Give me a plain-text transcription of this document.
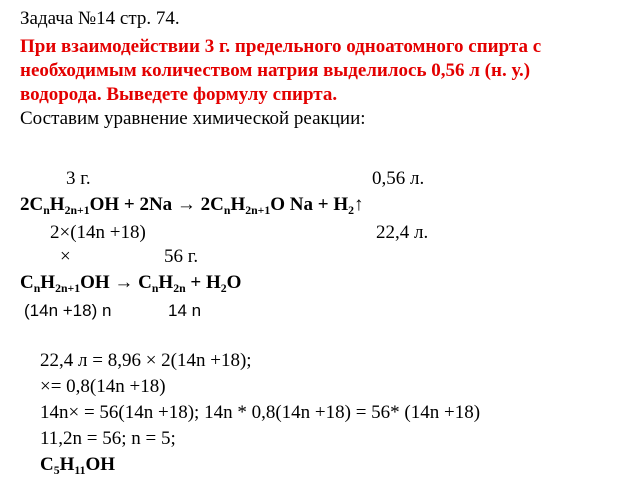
Задача №14 стр. 74.
При взаимодействии 3 г. предельного одноатомного спирта с
необходимым количеством натрия выделилось 0,56 л (н. у.)
водорода. Выведете формулу спирта.
Составим уравнение химической реакции:
3 г.	0,56 л.
$2C_nH_{2n+1}OH + 2Na \to 2C_nH_{2n+1}O$ $Na + H_2↑$
2×(14n +18)	22,4 л.
×	56 г.
$C_nH_{2n+1}OH \to C_nH_{2n} + H_2O$
(14n +18) n	14 n
22,4 л = 8,96 × 2(14n +18);
×= 0,8(14n +18)
14n× = 56(14n +18); 14n * 0,8(14n +18) = 56* (14n +18)
11,2n = 56; n = 5;
$C_5H_{11}OH$
